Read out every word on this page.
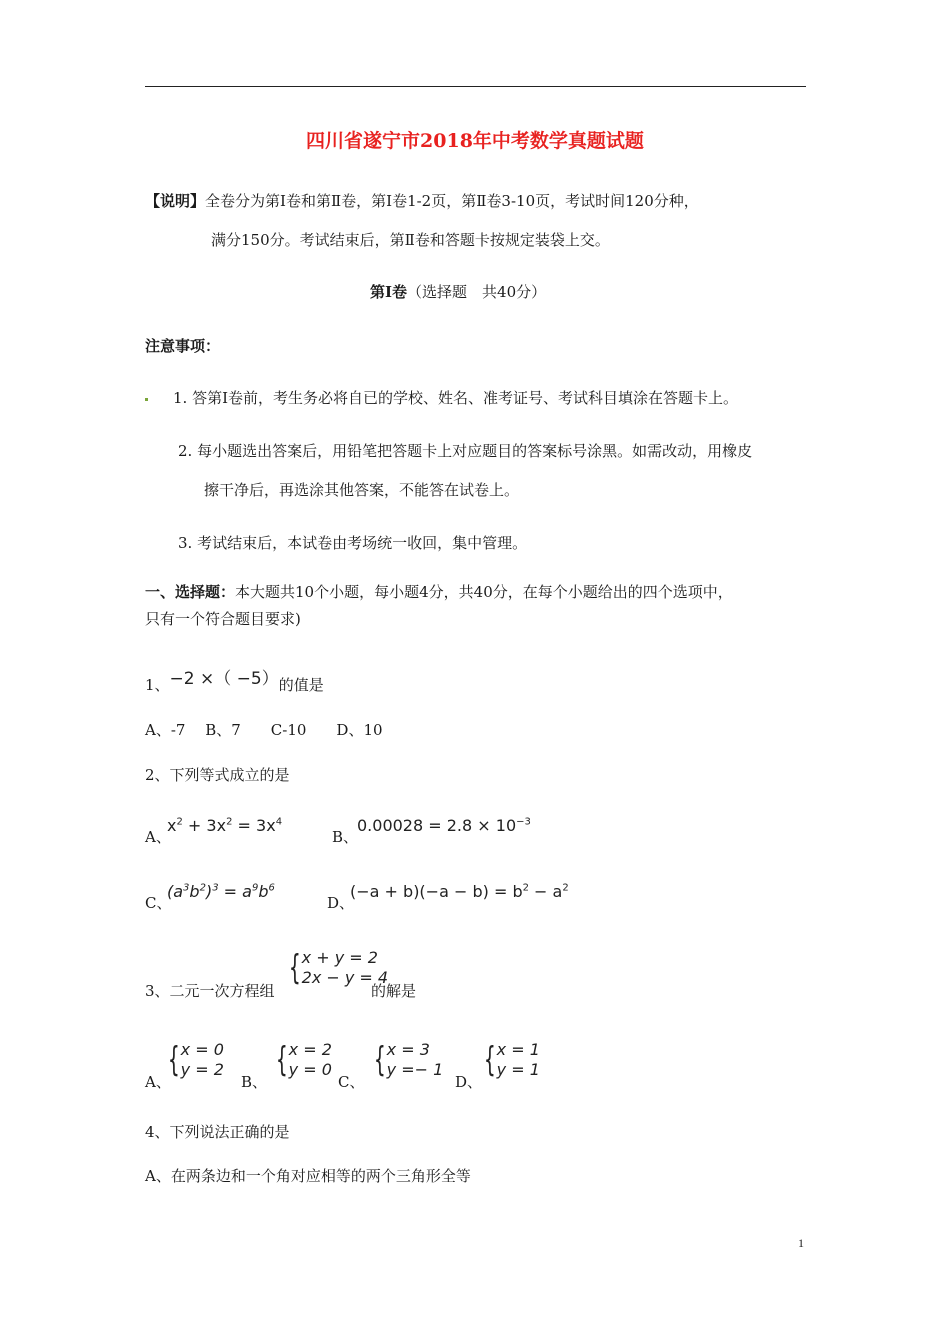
四川省遂宁市2018年中考数学真题试题
【说明】全卷分为第Ⅰ卷和第Ⅱ卷，第Ⅰ卷1-2页，第Ⅱ卷3-10页，考试时间120分种，
满分150分。考试结束后，第Ⅱ卷和答题卡按规定装袋上交。
第Ⅰ卷（选择题　共40分）
注意事项：
1. 答第Ⅰ卷前，考生务必将自已的学校、姓名、准考证号、考试科目填涂在答题卡上。
2. 每小题选出答案后，用铅笔把答题卡上对应题目的答案标号涂黑。如需改动，用橡皮
擦干净后，再选涂其他答案，不能答在试卷上。
3. 考试结束后，本试卷由考场统一收回，集中管理。
一、选择题：本大题共10个小题，每小题4分，共40分，在每个小题给出的四个选项中，
只有一个符合题目要求)
1、−2 ×（ −5）的值是
A、-7　 B、7　　C-10　　D、10
2、下列等式成立的是
A、
$x^2 + 3x^2 = 3x^4$
B、
$0.00028 = 2.8 \times 10^{-3}$
C、
$(a^3b^2)^3 = a^9b^6$
D、
$(-a + b)(-a - b) = b^2 - a^2$
3、二元一次方程组
{ x + y = 2
2x − y = 4
的解是
A、
{ x = 0
y = 2
B、
{ x = 2
y = 0
C、
{ x = 3
y =− 1
D、
{ x = 1
y = 1
4、下列说法正确的是
A、在两条边和一个角对应相等的两个三角形全等
1
